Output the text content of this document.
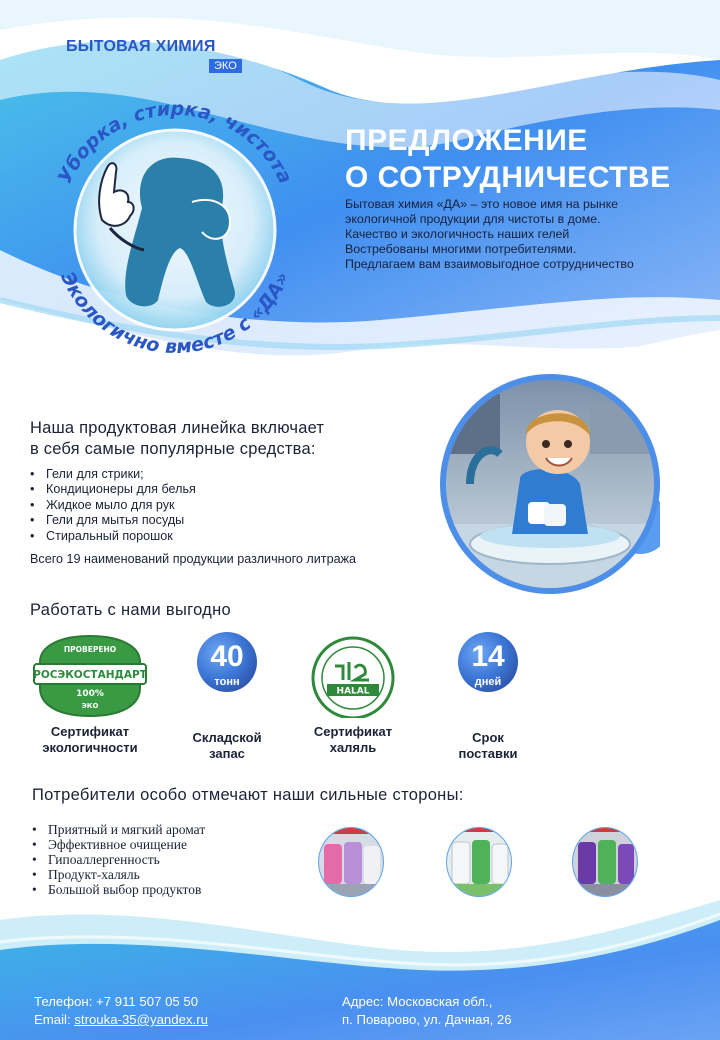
БЫТОВАЯ ХИМИЯ
ЭКО
Уборка, стирка, чистота
Экологично вместе с «ДА»
ПРЕДЛОЖЕНИЕ
О СОТРУДНИЧЕСТВЕ

Бытовая химия «ДА» – это новое имя на рынке

экологичной продукции для чистоты в доме.

Качество и экологичность наших гелей

Востребованы многими потребителями.

Предлагаем вам взаимовыгодное сотрудничество

Наша продуктовая линейка включает
в себя самые популярные средства:
• Гели для стрики;
• Кондиционеры для белья
• Жидкое мыло для рук
• Гели для мытья посуды
• Стиральный порошок
Всего 19 наименований продукции различного литража
Работать с нами выгодно
ПРОВЕРЕНО
РОСЭКОСТАНДАРТ
100%
ЭКО
Сертификат
экологичности
40
тонн
Складской
запас
HALAL
Сертификат
халяль
14
дней
Срок
поставки
Потребители особо отмечают наши сильные стороны:
• Приятный и мягкий аромат
• Эффективное очищение
• Гипоаллергенность
• Продукт-халяль
• Большой выбор продуктов
Телефон: +7 911 507 05 50
Email: strouka-35@yandex.ru
Адрес: Московская обл.,
п. Поварово, ул. Дачная, 26
